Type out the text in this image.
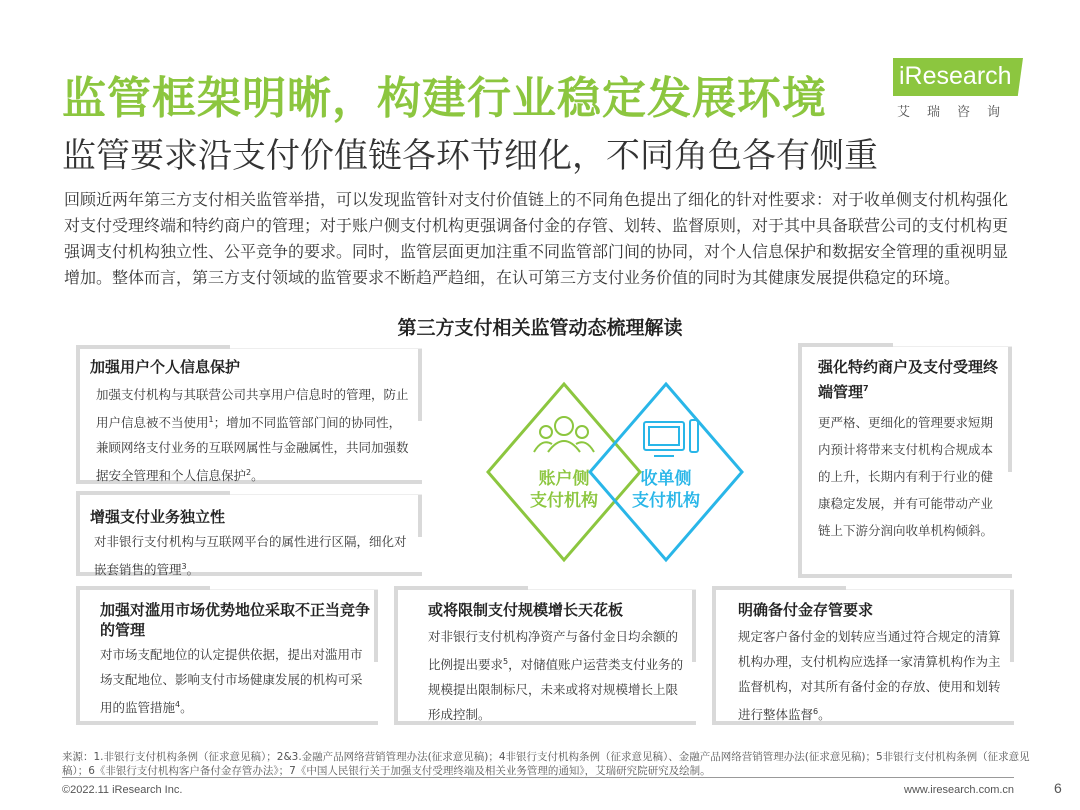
监管框架明晰，构建行业稳定发展环境
监管要求沿支付价值链各环节细化，不同角色各有侧重
iResearch
艾瑞咨询
回顾近两年第三方支付相关监管举措，可以发现监管针对支付价值链上的不同角色提出了细化的针对性要求：对于收单侧支付机构强化对支付受理终端和特约商户的管理；对于账户侧支付机构更强调备付金的存管、划转、监督原则，对于其中具备联营公司的支付机构更强调支付机构独立性、公平竞争的要求。同时，监管层面更加注重不同监管部门间的协同，对个人信息保护和数据安全管理的重视明显增加。整体而言，第三方支付领域的监管要求不断趋严趋细，在认可第三方支付业务价值的同时为其健康发展提供稳定的环境。
第三方支付相关监管动态梳理解读
加强用户个人信息保护

加强支付机构与其联营公司共享用户信息时的管理，防止用户信息被不当使用$^1$；增加不同监管部门间的协同性，兼顾网络支付业务的互联网属性与金融属性，共同加强数据安全管理和个人信息保护$^2$。

增强支付业务独立性

对非银行支付机构与互联网平台的属性进行区隔，细化对嵌套销售的管理$^3$。

强化特约商户及支付受理终端管理$^7$

更严格、更细化的管理要求短期内预计将带来支付机构合规成本的上升，长期内有利于行业的健康稳定发展，并有可能带动产业链上下游分润向收单机构倾斜。

加强对滥用市场优势地位采取不正当竞争的管理

对市场支配地位的认定提供依据，提出对滥用市场支配地位、影响支付市场健康发展的机构可采用的监管措施$^4$。

或将限制支付规模增长天花板

对非银行支付机构净资产与备付金日均余额的比例提出要求$^5$，对储值账户运营类支付业务的规模提出限制标尺，未来或将对规模增长上限形成控制。

明确备付金存管要求

规定客户备付金的划转应当通过符合规定的清算机构办理，支付机构应选择一家清算机构作为主监督机构，对其所有备付金的存放、使用和划转进行整体监督$^6$。

账户侧
支付机构
收单侧
支付机构
来源：1.非银行支付机构条例（征求意见稿）；2&3.金融产品网络营销管理办法(征求意见稿)；4非银行支付机构条例（征求意见稿）、金融产品网络营销管理办法(征求意见稿)；5非银行支付机构条例（征求意见稿）；6《非银行支付机构客户备付金存管办法》；7《中国人民银行关于加强支付受理终端及相关业务管理的通知》，艾瑞研究院研究及绘制。
©2022.11 iResearch Inc.	www.iresearch.com.cn	6
